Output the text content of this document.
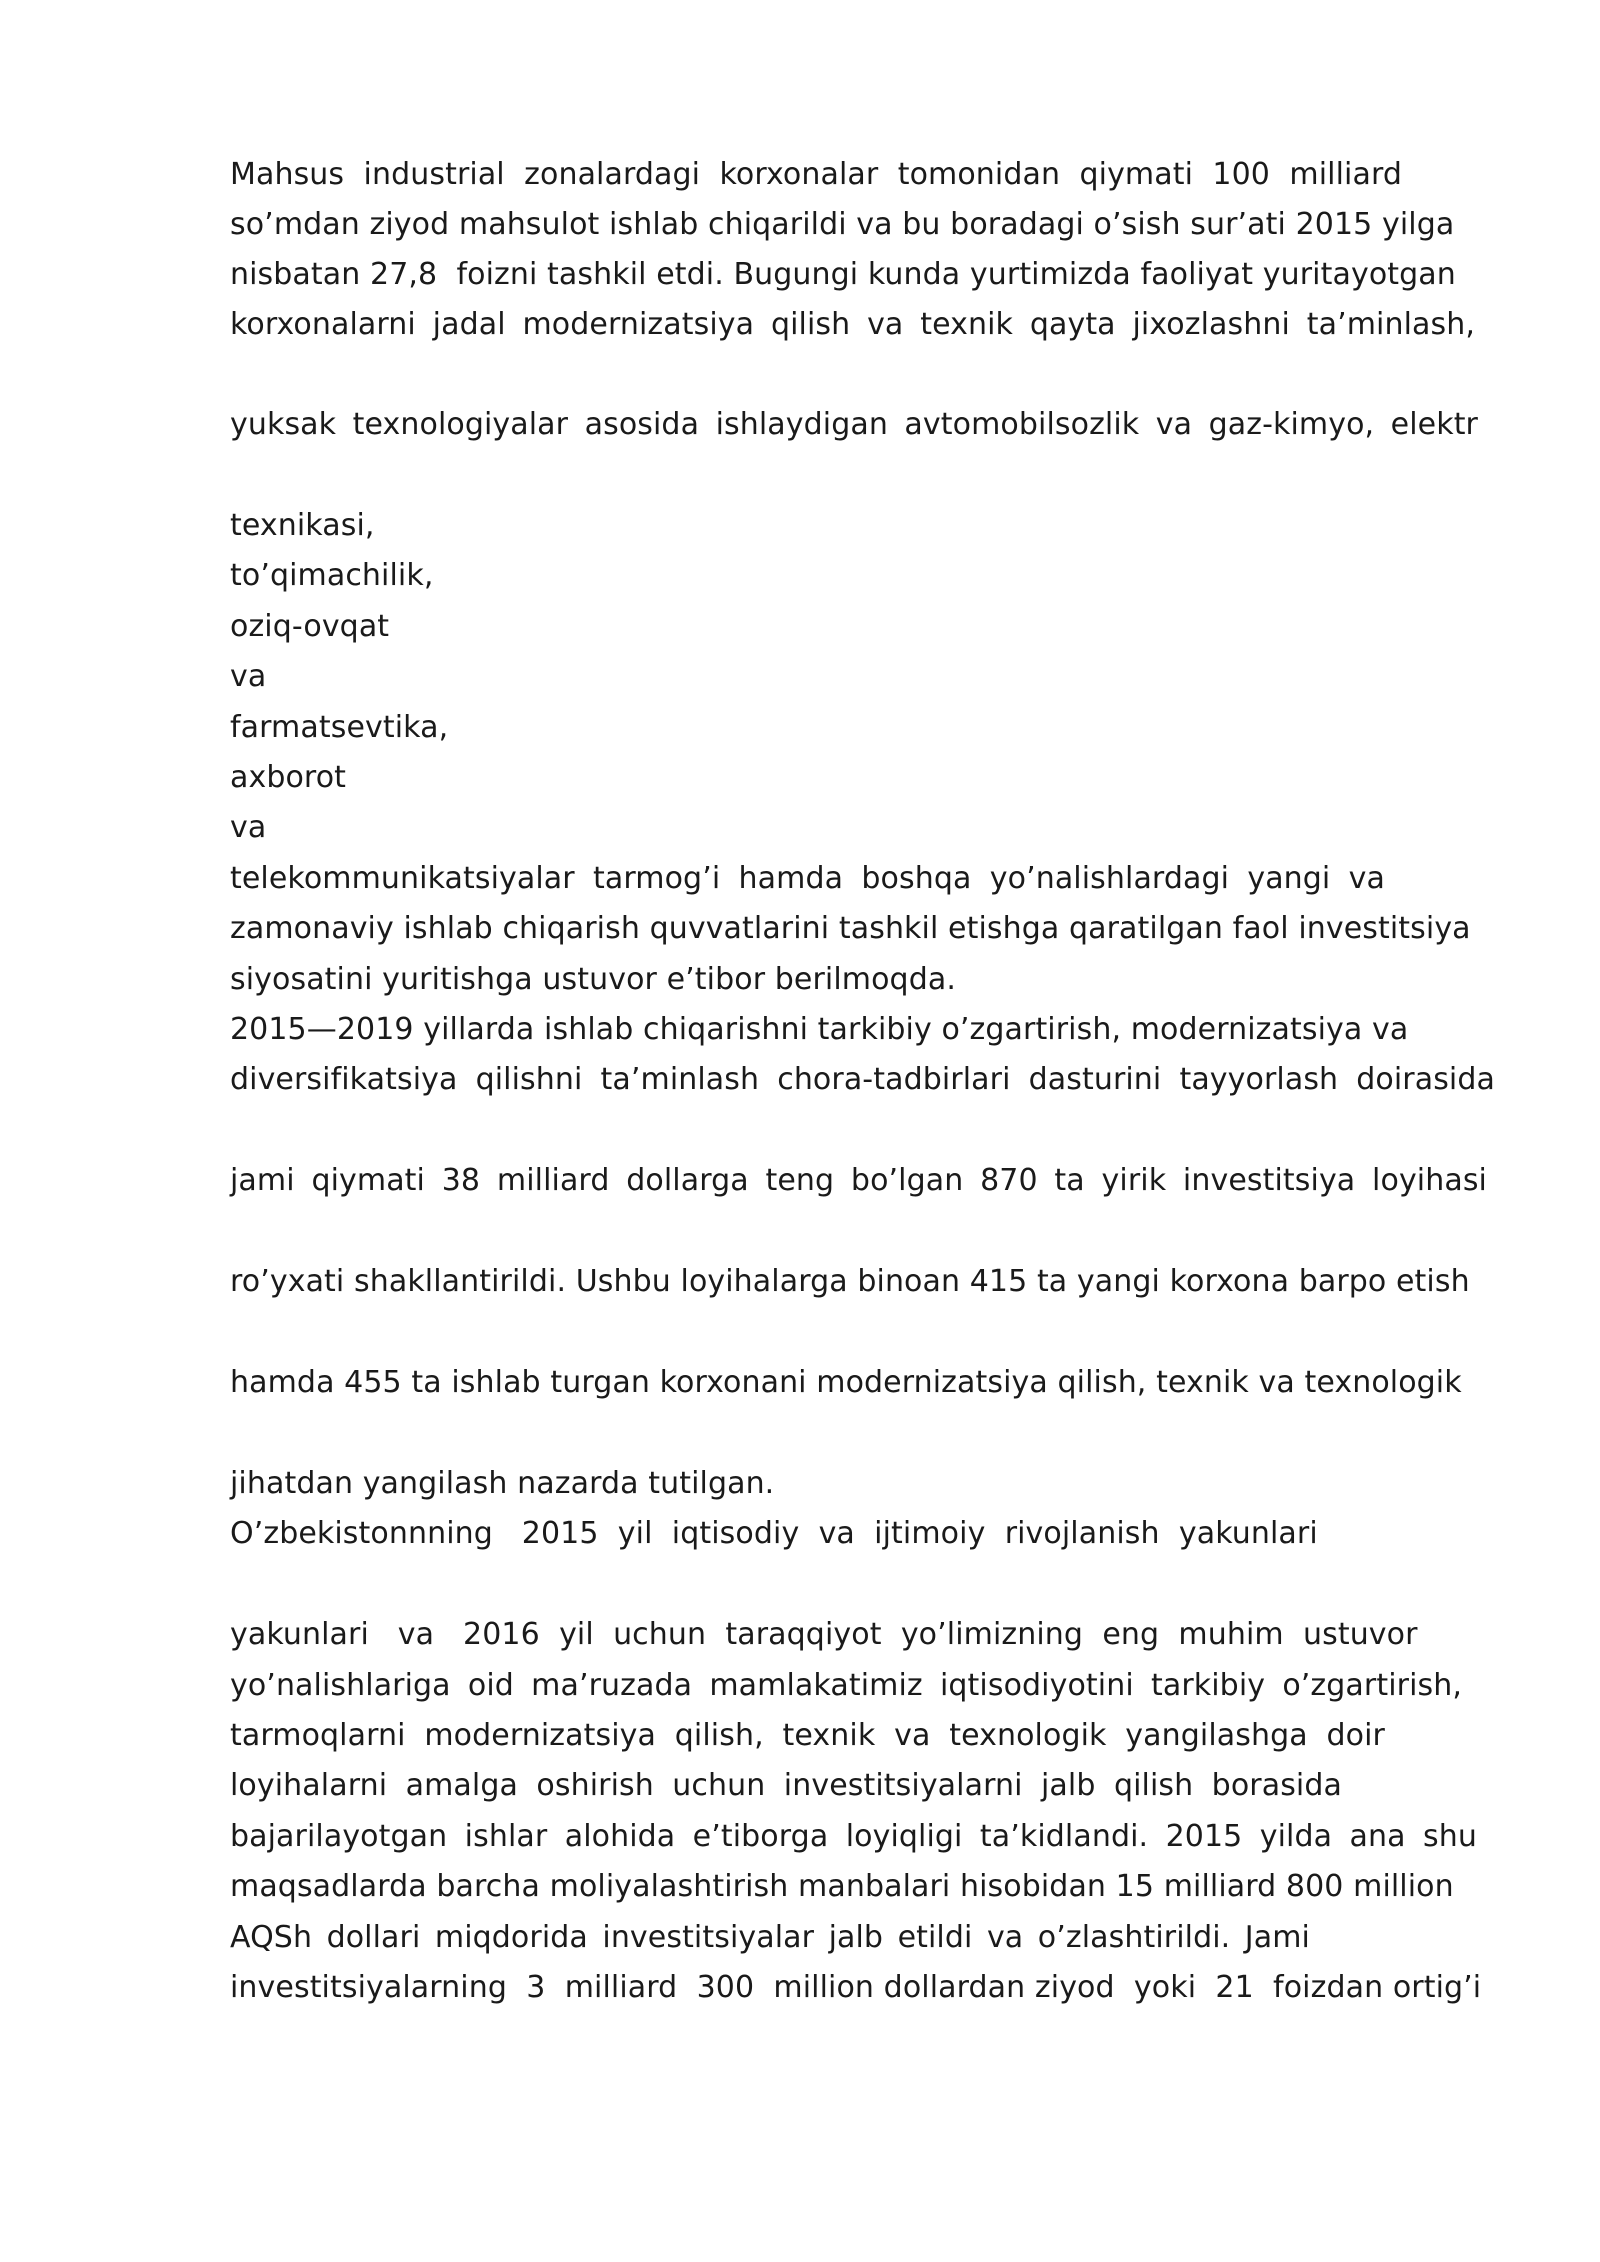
Mahsus industrial zonalardagi korxonalar tomonidan qiymati 100 milliard
so’mdan ziyod mahsulot ishlab chiqarildi va bu boradagi o’sish sur’ati 2015 yilga
nisbatan 27,8  foizni tashkil etdi. Bugungi kunda yurtimizda faoliyat yuritayotgan
korxonalarni jadal modernizatsiya qilish va texnik qayta jixozlashni ta’minlash,
yuksak texnologiyalar asosida ishlaydigan avtomobilsozlik va gaz-kimyo, elektr
texnikasi,
to’qimachilik,
oziq-ovqat
va
farmatsevtika,
axborot
va
telekommunikatsiyalar tarmog’i hamda boshqa yo’nalishlardagi yangi va
zamonaviy ishlab chiqarish quvvatlarini tashkil etishga qaratilgan faol investitsiya
siyosatini yuritishga ustuvor e’tibor berilmoqda.
2015—2019 yillarda ishlab chiqarishni tarkibiy o’zgartirish, modernizatsiya va
diversifikatsiya qilishni ta’minlash chora-tadbirlari dasturini tayyorlash doirasida
jami qiymati 38 milliard dollarga teng bo’lgan 870 ta yirik investitsiya loyihasi
ro’yxati shakllantirildi. Ushbu loyihalarga binoan 415 ta yangi korxona barpo etish
hamda 455 ta ishlab turgan korxonani modernizatsiya qilish, texnik va texnologik
jihatdan yangilash nazarda tutilgan.
O’zbekistonnning   2015  yil  iqtisodiy  va  ijtimoiy  rivojlanish  yakunlari
yakunlari   va   2016  yil  uchun  taraqqiyot  yo’limizning  eng  muhim  ustuvor
yo’nalishlariga oid ma’ruzada mamlakatimiz iqtisodiyotini tarkibiy o’zgartirish,
tarmoqlarni modernizatsiya qilish, texnik va texnologik yangilashga doir
loyihalarni amalga oshirish uchun investitsiyalarni jalb qilish borasida
bajarilayotgan ishlar alohida e’tiborga loyiqligi ta’kidlandi. 2015 yilda ana shu
maqsadlarda barcha moliyalashtirish manbalari hisobidan 15 milliard 800 million
AQSh dollari miqdorida investitsiyalar jalb etildi va o’zlashtirildi. Jami
investitsiyalarning  3  milliard  300  million dollardan ziyod  yoki  21  foizdan ortig’i
